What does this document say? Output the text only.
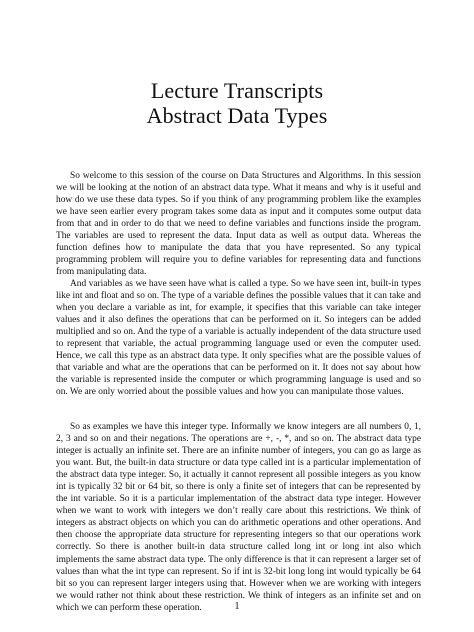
Lecture Transcripts
Abstract Data Types

So welcome to this session of the course on Data Structures and Algorithms. In this session we will be looking at the notion of an abstract data type. What it means and why is it useful and how do we use these data types. So if you think of any programming problem like the examples we have seen earlier every program takes some data as input and it computes some output data from that and in order to do that we need to define variables and functions inside the program. The variables are used to represent the data. Input data as well as output data. Whereas the function defines how to manipulate the data that you have represented. So any typical programming problem will require you to define variables for representing data and functions from manipulating data.

And variables as we have seen have what is called a type. So we have seen int, built-in types like int and float and so on. The type of a variable defines the possible values that it can take and when you declare a variable as int, for example, it specifies that this variable can take integer values and it also defines the operations that can be performed on it. So integers can be added multiplied and so on. And the type of a variable is actually independent of the data structure used to represent that variable, the actual programming language used or even the computer used. Hence, we call this type as an abstract data type. It only specifies what are the possible values of that variable and what are the operations that can be performed on it. It does not say about how the variable is represented inside the computer or which programming language is used and so on. We are only worried about the possible values and how you can manipulate those values.

So as examples we have this integer type. Informally we know integers are all numbers 0, 1, 2, 3 and so on and their negations. The operations are +, -, *, and so on. The abstract data type integer is actually an infinite set. There are an infinite number of integers, you can go as large as you want. But, the built-in data structure or data type called int is a particular implementation of the abstract data type integer. So, it actually it cannot represent all possible integers as you know int is typically 32 bit or 64 bit, so there is only a finite set of integers that can be represented by the int variable. So it is a particular implementation of the abstract data type integer. However when we want to work with integers we don’t really care about this restrictions. We think of integers as abstract objects on which you can do arithmetic operations and other operations. And then choose the appropriate data structure for representing integers so that our operations work correctly. So there is another built-in data structure called long int or long int also which implements the same abstract data type. The only difference is that it can represent a larger set of values than what the int type can represent. So if int is 32-bit long long int would typically be 64 bit so you can represent larger integers using that. However when we are working with integers we would rather not think about these restriction. We think of integers as an infinite set and on which we can perform these operation.	1
